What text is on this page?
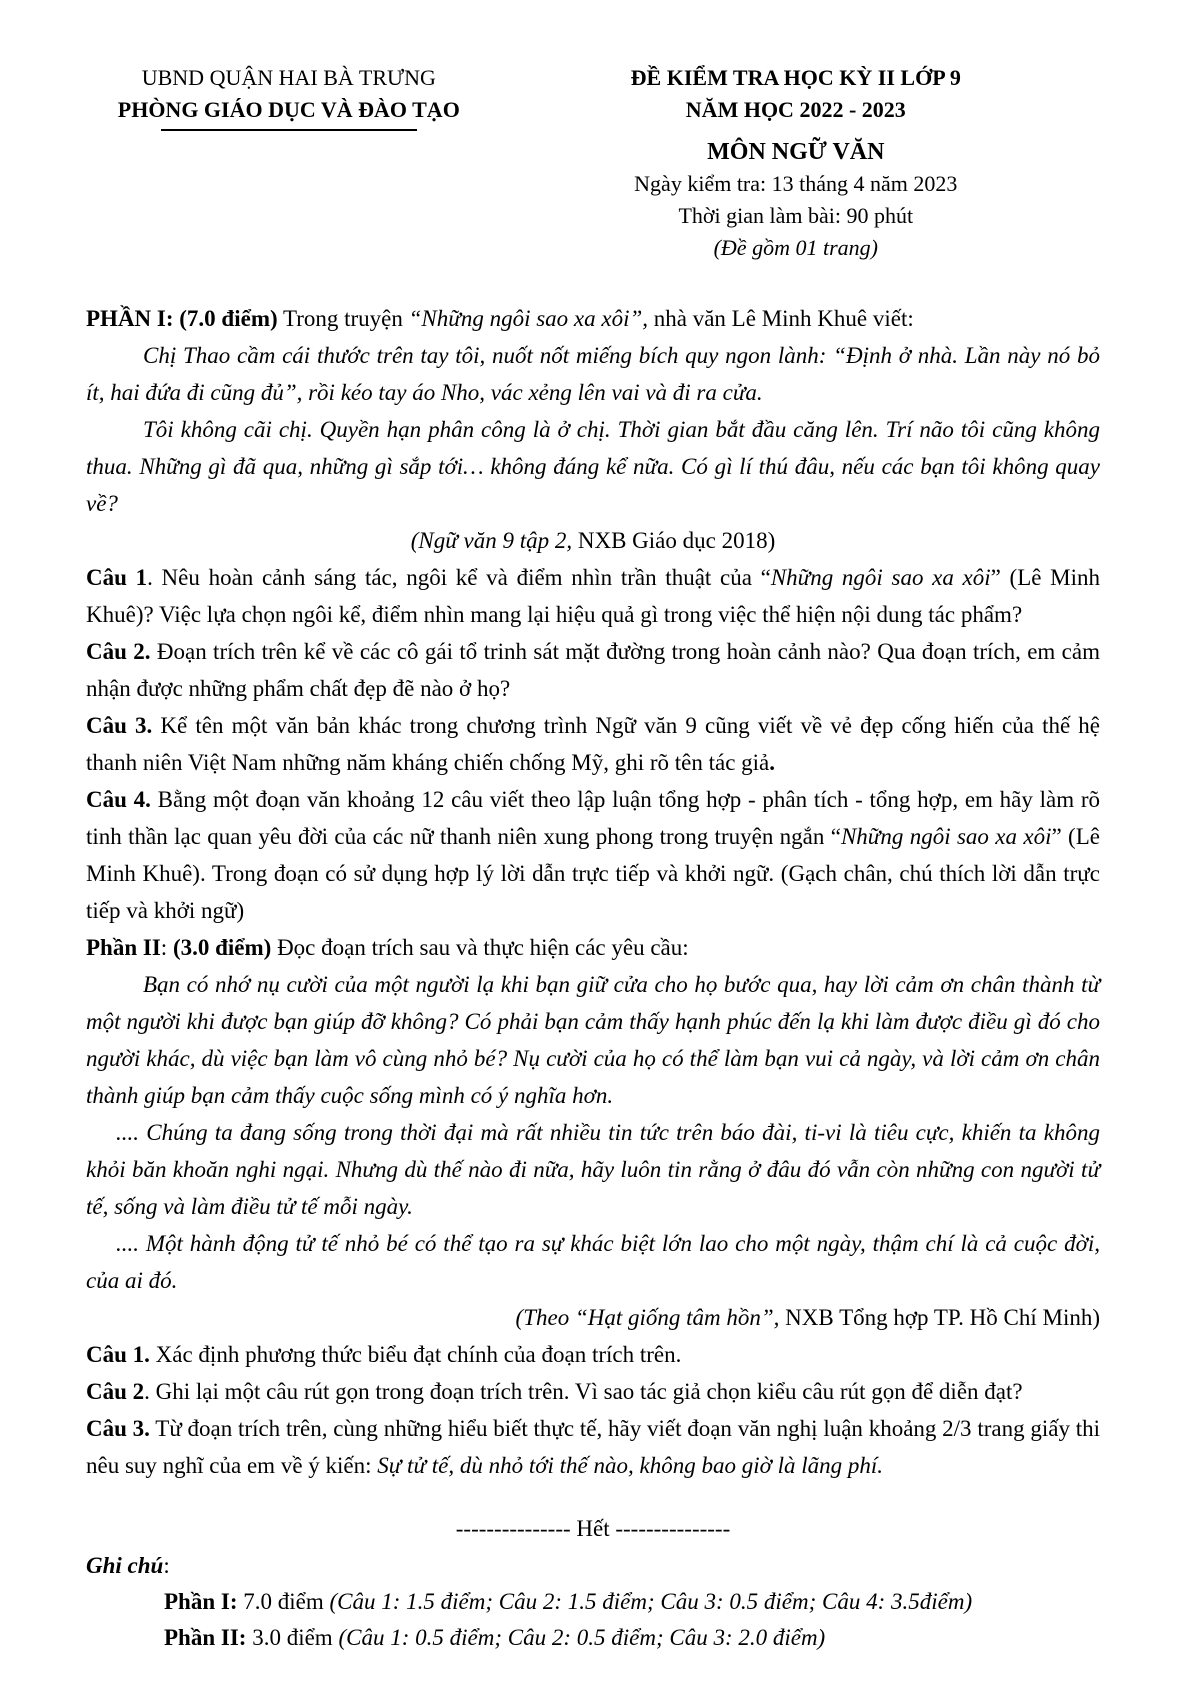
UBND QUẬN HAI BÀ TRƯNG
PHÒNG GIÁO DỤC VÀ ĐÀO TẠO
ĐỀ KIỂM TRA HỌC KỲ II LỚP 9
NĂM HỌC 2022 - 2023
MÔN NGỮ VĂN
Ngày kiểm tra: 13 tháng 4 năm 2023
Thời gian làm bài: 90 phút
(Đề gồm 01 trang)

PHẦN I: (7.0 điểm) Trong truyện “Những ngôi sao xa xôi”, nhà văn Lê Minh Khuê viết:

Chị Thao cầm cái thước trên tay tôi, nuốt nốt miếng bích quy ngon lành: “Định ở nhà. Lần này nó bỏ ít, hai đứa đi cũng đủ”, rồi kéo tay áo Nho, vác xẻng lên vai và đi ra cửa.

Tôi không cãi chị. Quyền hạn phân công là ở chị. Thời gian bắt đầu căng lên. Trí não tôi cũng không thua. Những gì đã qua, những gì sắp tới… không đáng kể nữa. Có gì lí thú đâu, nếu các bạn tôi không quay về?

(Ngữ văn 9 tập 2, NXB Giáo dục 2018)

Câu 1. Nêu hoàn cảnh sáng tác, ngôi kể và điểm nhìn trần thuật của “Những ngôi sao xa xôi” (Lê Minh Khuê)? Việc lựa chọn ngôi kể, điểm nhìn mang lại hiệu quả gì trong việc thể hiện nội dung tác phẩm?

Câu 2. Đoạn trích trên kể về các cô gái tổ trinh sát mặt đường trong hoàn cảnh nào? Qua đoạn trích, em cảm nhận được những phẩm chất đẹp đẽ nào ở họ?

Câu 3. Kể tên một văn bản khác trong chương trình Ngữ văn 9 cũng viết về vẻ đẹp cống hiến của thế hệ thanh niên Việt Nam những năm kháng chiến chống Mỹ, ghi rõ tên tác giả.

Câu 4. Bằng một đoạn văn khoảng 12 câu viết theo lập luận tổng hợp - phân tích - tổng hợp, em hãy làm rõ tinh thần lạc quan yêu đời của các nữ thanh niên xung phong trong truyện ngắn “Những ngôi sao xa xôi” (Lê Minh Khuê). Trong đoạn có sử dụng hợp lý lời dẫn trực tiếp và khởi ngữ. (Gạch chân, chú thích lời dẫn trực tiếp và khởi ngữ)

Phần II: (3.0 điểm) Đọc đoạn trích sau và thực hiện các yêu cầu:

Bạn có nhớ nụ cười của một người lạ khi bạn giữ cửa cho họ bước qua, hay lời cảm ơn chân thành từ một người khi được bạn giúp đỡ không? Có phải bạn cảm thấy hạnh phúc đến lạ khi làm được điều gì đó cho người khác, dù việc bạn làm vô cùng nhỏ bé? Nụ cười của họ có thể làm bạn vui cả ngày, và lời cảm ơn chân thành giúp bạn cảm thấy cuộc sống mình có ý nghĩa hơn.

.... Chúng ta đang sống trong thời đại mà rất nhiều tin tức trên báo đài, ti-vi là tiêu cực, khiến ta không khỏi băn khoăn nghi ngại. Nhưng dù thế nào đi nữa, hãy luôn tin rằng ở đâu đó vẫn còn những con người tử tế, sống và làm điều tử tế mỗi ngày.

.... Một hành động tử tế nhỏ bé có thể tạo ra sự khác biệt lớn lao cho một ngày, thậm chí là cả cuộc đời, của ai đó.

(Theo “Hạt giống tâm hồn”, NXB Tổng hợp TP. Hồ Chí Minh)

Câu 1. Xác định phương thức biểu đạt chính của đoạn trích trên.

Câu 2. Ghi lại một câu rút gọn trong đoạn trích trên. Vì sao tác giả chọn kiểu câu rút gọn để diễn đạt?

Câu 3. Từ đoạn trích trên, cùng những hiểu biết thực tế, hãy viết đoạn văn nghị luận khoảng 2/3 trang giấy thi nêu suy nghĩ của em về ý kiến: Sự tử tế, dù nhỏ tới thế nào, không bao giờ là lãng phí.

--------------- Hết ---------------

Ghi chú:

Phần I: 7.0 điểm (Câu 1: 1.5 điểm; Câu 2: 1.5 điểm; Câu 3: 0.5 điểm; Câu 4: 3.5điểm)

Phần II: 3.0 điểm (Câu 1: 0.5 điểm; Câu 2: 0.5 điểm; Câu 3: 2.0 điểm)
